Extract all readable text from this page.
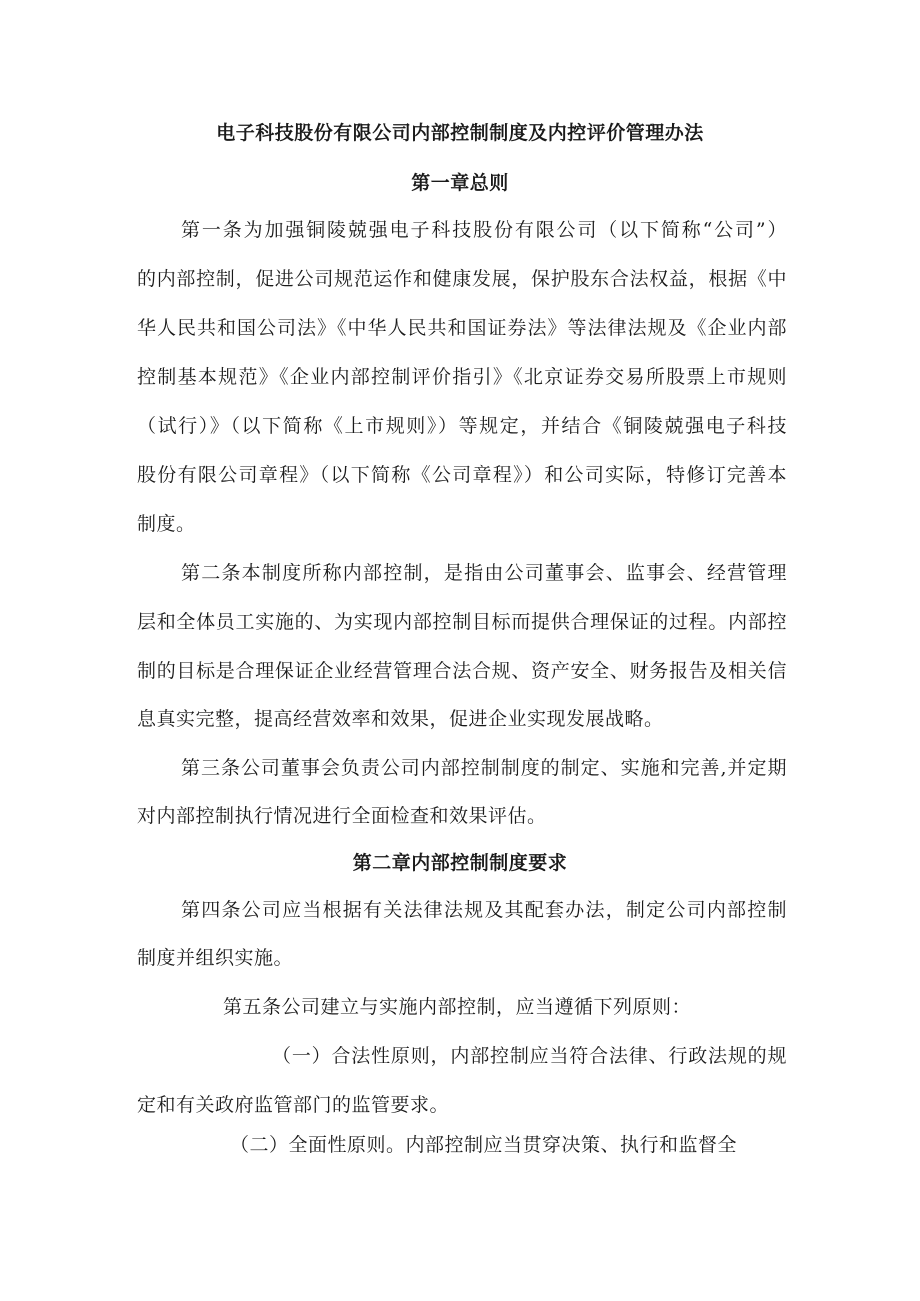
电子科技股份有限公司内部控制制度及内控评价管理办法
第一章总则
第一条为加强铜陵兢强电子科技股份有限公司（以下简称“公司”）
的内部控制，促进公司规范运作和健康发展，保护股东合法权益，根据《中
华人民共和国公司法》《中华人民共和国证券法》等法律法规及《企业内部
控制基本规范》《企业内部控制评价指引》《北京证券交易所股票上市规则
（试行）》（以下简称《上市规则》）等规定，并结合《铜陵兢强电子科技
股份有限公司章程》（以下简称《公司章程》）和公司实际，特修订完善本
制度。
第二条本制度所称内部控制，是指由公司董事会、监事会、经营管理
层和全体员工实施的、为实现内部控制目标而提供合理保证的过程。内部控
制的目标是合理保证企业经营管理合法合规、资产安全、财务报告及相关信
息真实完整，提高经营效率和效果，促进企业实现发展战略。
第三条公司董事会负责公司内部控制制度的制定、实施和完善,并定期
对内部控制执行情况进行全面检查和效果评估。
第二章内部控制制度要求
第四条公司应当根据有关法律法规及其配套办法，制定公司内部控制
制度并组织实施。
第五条公司建立与实施内部控制，应当遵循下列原则：
（一）合法性原则，内部控制应当符合法律、行政法规的规
定和有关政府监管部门的监管要求。
（二）全面性原则。内部控制应当贯穿决策、执行和监督全
